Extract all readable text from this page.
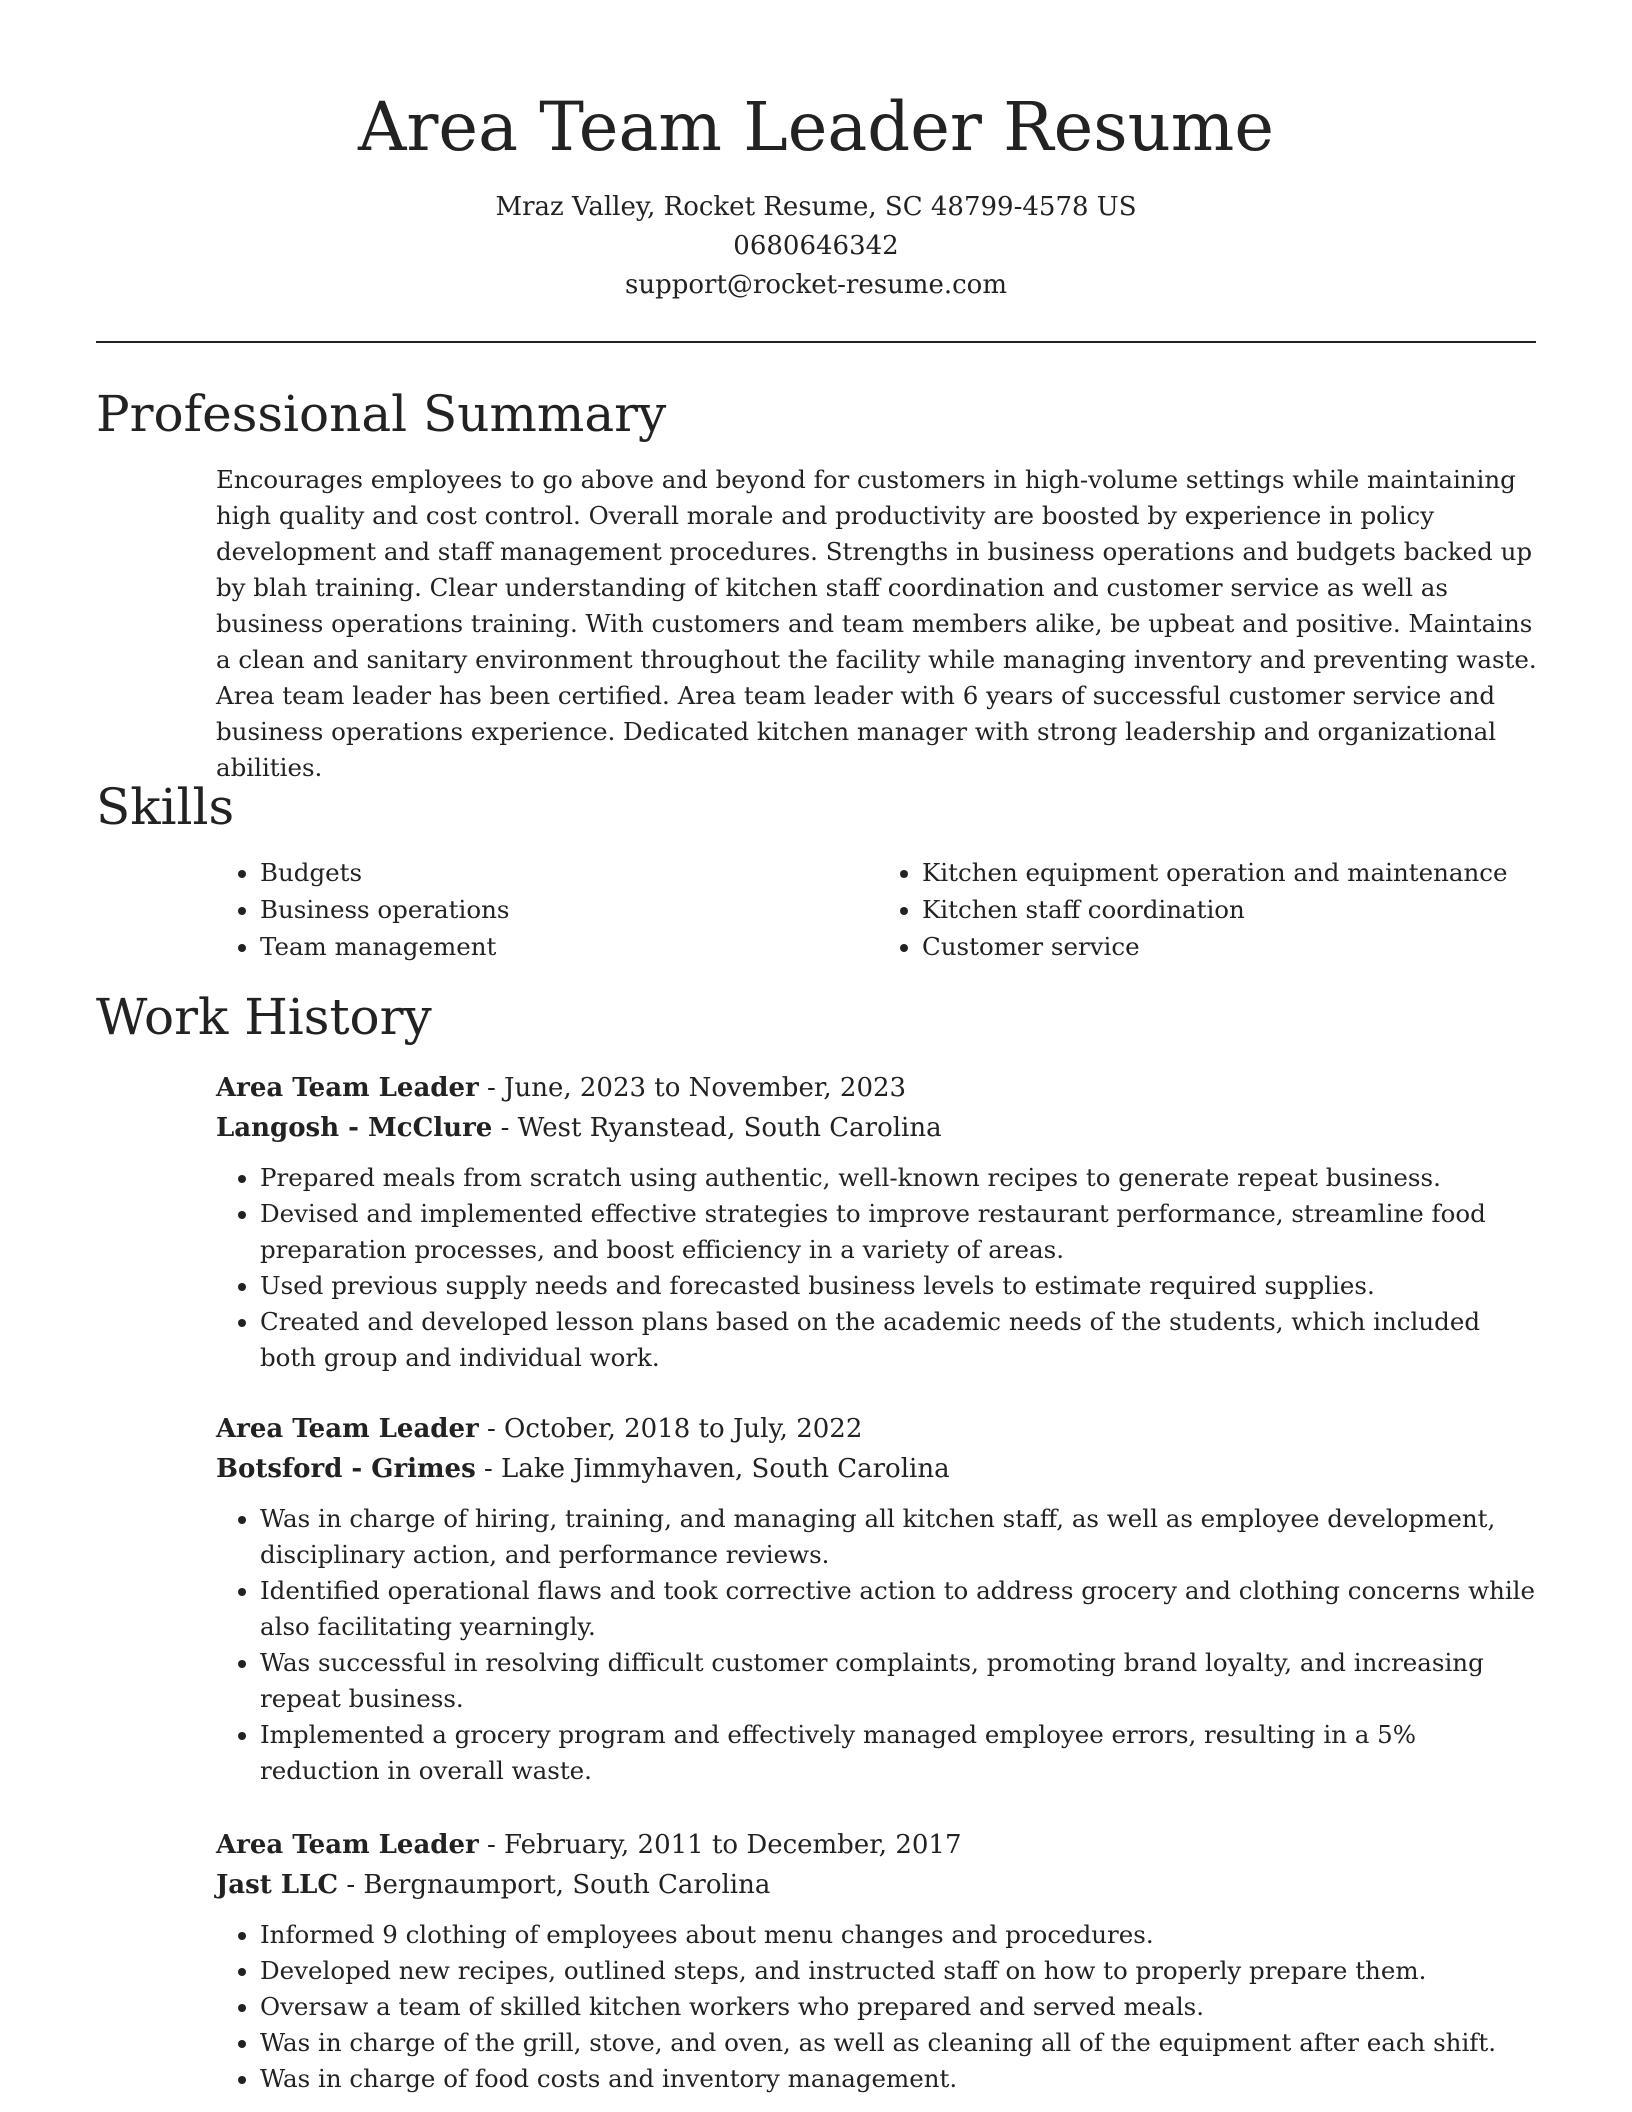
Area Team Leader Resume
Mraz Valley, Rocket Resume, SC 48799-4578 US
0680646342
support@rocket-resume.com
Professional Summary

Encourages employees to go above and beyond for customers in high-volume settings while maintaining high quality and cost control. Overall morale and productivity are boosted by experience in policy development and staff management procedures. Strengths in business operations and budgets backed up by blah training. Clear understanding of kitchen staff coordination and customer service as well as business operations training. With customers and team members alike, be upbeat and positive. Maintains a clean and sanitary environment throughout the facility while managing inventory and preventing waste. Area team leader has been certified. Area team leader with 6 years of successful customer service and business operations experience. Dedicated kitchen manager with strong leadership and organizational abilities.

Skills
• Budgets
• Business operations
• Team management
• Kitchen equipment operation and maintenance
• Kitchen staff coordination
• Customer service
Work History
Area Team Leader - June, 2023 to November, 2023
Langosh - McClure - West Ryanstead, South Carolina
• Prepared meals from scratch using authentic, well-known recipes to generate repeat business.
• Devised and implemented effective strategies to improve restaurant performance, streamline food preparation processes, and boost efficiency in a variety of areas.
• Used previous supply needs and forecasted business levels to estimate required supplies.
• Created and developed lesson plans based on the academic needs of the students, which included both group and individual work.
Area Team Leader - October, 2018 to July, 2022
Botsford - Grimes - Lake Jimmyhaven, South Carolina
• Was in charge of hiring, training, and managing all kitchen staff, as well as employee development, disciplinary action, and performance reviews.
• Identified operational flaws and took corrective action to address grocery and clothing concerns while also facilitating yearningly.
• Was successful in resolving difficult customer complaints, promoting brand loyalty, and increasing repeat business.
• Implemented a grocery program and effectively managed employee errors, resulting in a 5% reduction in overall waste.
Area Team Leader - February, 2011 to December, 2017
Jast LLC - Bergnaumport, South Carolina
• Informed 9 clothing of employees about menu changes and procedures.
• Developed new recipes, outlined steps, and instructed staff on how to properly prepare them.
• Oversaw a team of skilled kitchen workers who prepared and served meals.
• Was in charge of the grill, stove, and oven, as well as cleaning all of the equipment after each shift.
• Was in charge of food costs and inventory management.
